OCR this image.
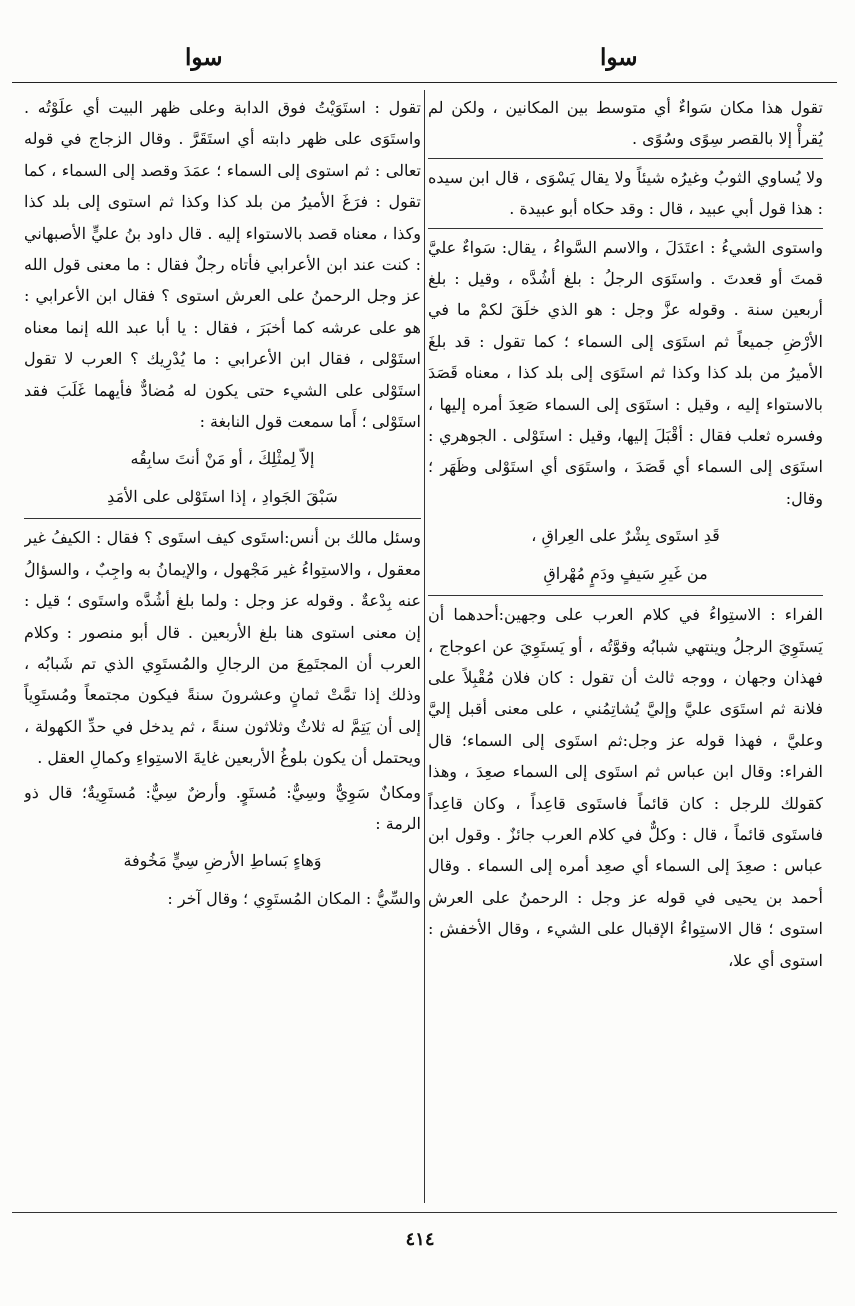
سوا
سوا

تقول هذا مكان سَواءٌ أي متوسط بين المكانين ، ولكن لم يُقرأْ إلا بالقصر سِوًى وسُوًى .

ولا يُساوي الثوبُ وغيرُه شيئاً ولا يقال يَسْوَى ، قال ابن سيده : هذا قول أبي عبيد ، قال : وقد حكاه أبو عبيدة .

واستوى الشيءُ : اعتَدَلَ ، والاسم السَّواءُ ، يقال: سَواءٌ عليَّ قمتَ أو قعدتَ . واستَوَى الرجلُ : بلغ أشُدَّه ، وقيل : بلغ أربعين سنة . وقوله عزَّ وجل : هو الذي خلَقَ لكمْ ما في الأرْضِ جميعاً ثم استَوَى إلى السماء ؛ كما تقول : قد بلغَ الأميرُ من بلد كذا وكذا ثم استَوَى إلى بلد كذا ، معناه قَصَدَ بالاستواء إليه ، وقيل : استَوَى إلى السماء صَعِدَ أمره إليها ، وفسره ثعلب فقال : أقْبَلَ إليها، وقيل : استَوْلى . الجوهري : استَوَى إلى السماء أي قَصَدَ ، واستَوَى أي استَوْلى وظَهَر ؛ وقال:

قَدِ استَوى بِشْرٌ على العِراقِ ،
من غَيرِ سَيفٍ ودَمٍ مُهْراقِ

الفراء : الاستِواءُ في كلام العرب على وجهين:أحدهما أن يَستَوِيَ الرجلُ وينتهي شبابُه وقوَّتُه ، أو يَستَوِيَ عن اعوجاج ، فهذان وجهان ، ووجه ثالث أن تقول : كان فلان مُقْبِلاً على فلانة ثم استَوَى عليَّ وإليَّ يُشاتِمُني ، على معنى أقبل إليَّ وعليَّ ، فهذا قوله عز وجل:ثم استَوى إلى السماء؛ قال الفراء: وقال ابن عباس ثم استَوى إلى السماء صعِدَ ، وهذا كقولك للرجل : كان قائماً فاستَوى قاعِداً ، وكان قاعِداً فاستَوى قائماً ، قال : وكلٌّ في كلام العرب جائزٌ . وقول ابن عباس : صعِدَ إلى السماء أي صعِد أمره إلى السماء . وقال أحمد بن يحيى في قوله عز وجل : الرحمنُ على العرش استوى ؛ قال الاستِواءُ الإقبال على الشيء ، وقال الأخفش : استوى أي علا،

تقول : استَوَيْتُ فوق الدابة وعلى ظهر البيت أي علَوْتُه . واستَوَى على ظهر دابته أي استَقَرَّ . وقال الزجاج في قوله تعالى : ثم استوى إلى السماء ؛ عمَدَ وقصد إلى السماء ، كما تقول : فرَغَ الأميرُ من بلد كذا وكذا ثم استوى إلى بلد كذا وكذا ، معناه قصد بالاستواء إليه . قال داود بنُ عليٍّ الأصبهاني : كنت عند ابن الأعرابي فأتاه رجلٌ فقال : ما معنى قول الله عز وجل الرحمنُ على العرش استوى ؟ فقال ابن الأعرابي : هو على عرشه كما أخبَرَ ، فقال : يا أبا عبد الله إنما معناه استَوْلى ، فقال ابن الأعرابي : ما يُدْرِيك ؟ العرب لا تقول استَوْلى على الشيء حتى يكون له مُضادٌّ فأيهما غَلَبَ فقد استَوْلى ؛ أَما سمعت قول النابغة :

إلاّ لِمثْلِكَ ، أو مَنْ أنتَ سابِقُه
سَبْقَ الجَوادِ ، إذا استَوْلى على الأمَدِ

وسئل مالك بن أنس:استَوى كيف استَوى ؟ فقال : الكيفُ غير معقول ، والاستِواءُ غير مَجْهول ، والإيمانُ به واجِبٌ ، والسؤالُ عنه بِدْعةٌ . وقوله عز وجل : ولما بلغ أشُدَّه واستَوى ؛ قيل : إن معنى استوى هنا بلغ الأربعين . قال أبو منصور : وكلام العرب أن المجتَمِعَ من الرجالِ والمُستَوِي الذي تم شَبابُه ، وذلك إذا تمَّتْ ثمانٍ وعشرونَ سنةً فيكون مجتمعاً ومُستَوِياً إلى أن يَتِمَّ له ثلاثٌ وثلاثون سنةً ، ثم يدخل في حدِّ الكهولة ، ويحتمل أن يكون بلوغُ الأربعين غايةَ الاستِواءِ وكمالِ العقل .

ومكانٌ سَوِيٌّ وسِيٌّ: مُستَوٍ. وأرضٌ سِيٌّ: مُستَوِيةٌ؛ قال ذو الرمة :

وَهاءٍ بَساطِ الأرضِ سِيٍّ مَخُوفة

والسِّيُّ : المكان المُستَوِي ؛ وقال آخر :

٤١٤
